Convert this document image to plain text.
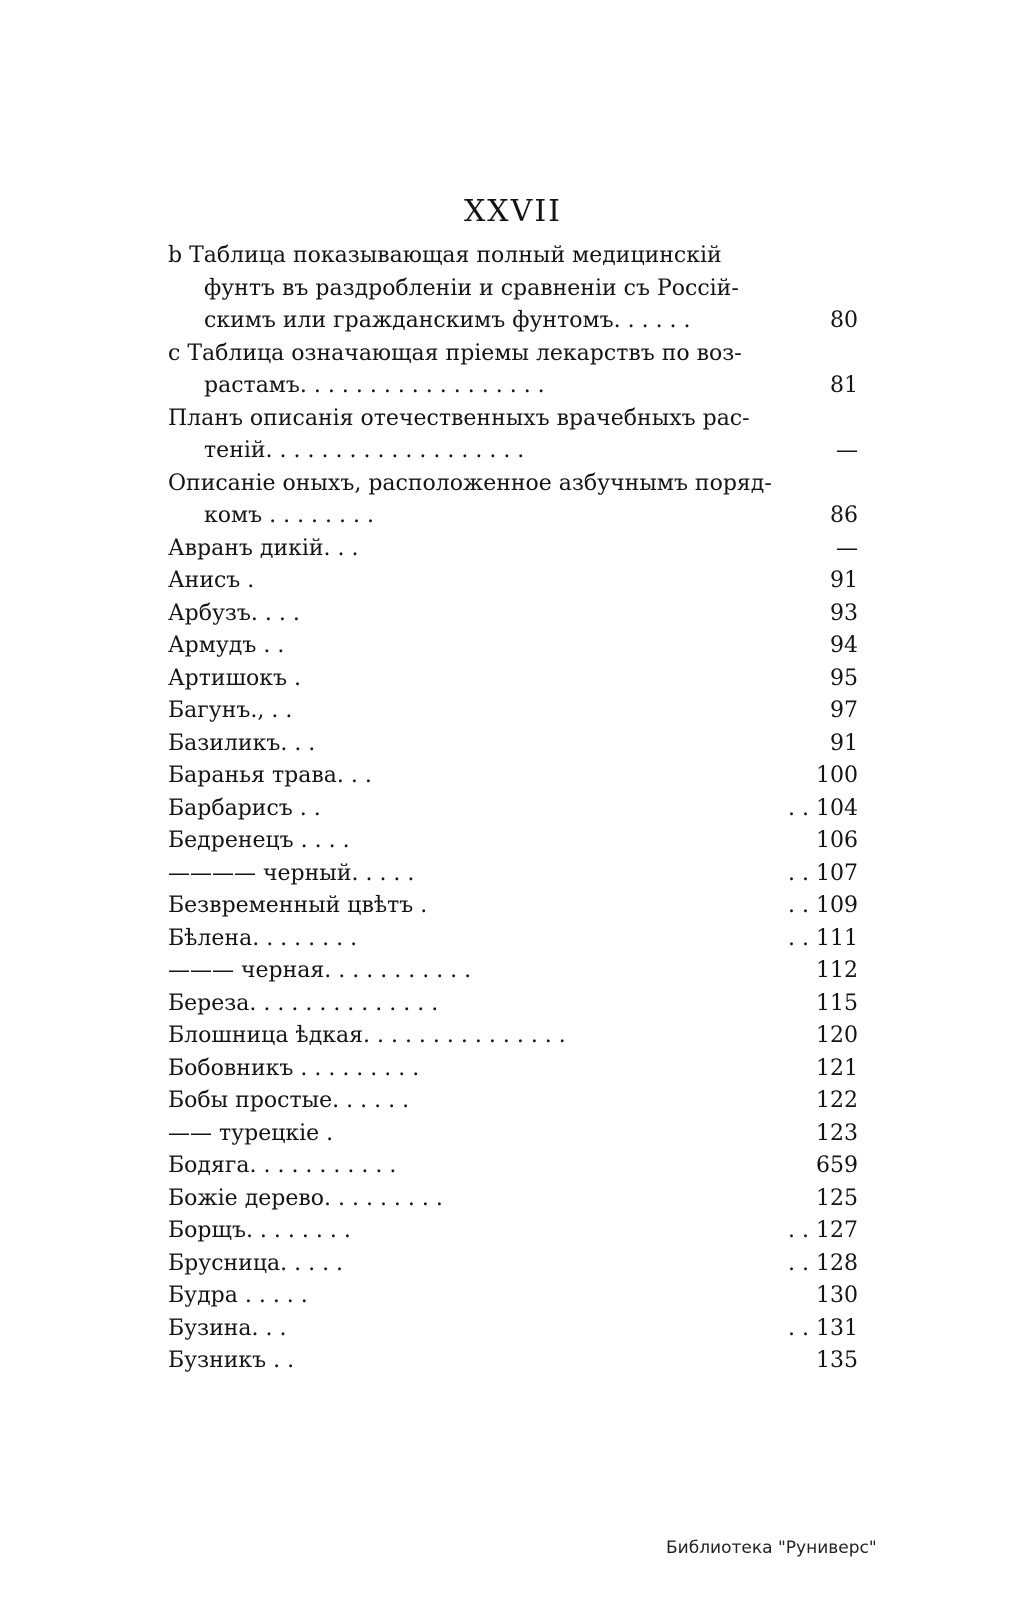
XXVII
b Таблица показывающая полный медицинскій
фунтъ въ раздробленіи и сравненіи съ Россій-
скимъ или гражданскимъ фунтомъ. . . . . .	80
c Таблица означающая пріемы лекарствъ по воз-
растамъ. . . . . . . . . . . . . . . . . .	81
Планъ описанія отечественныхъ врачебныхъ рас-
теній. . . . . . . . . . . . . . . . . . .	—
Описаніе оныхъ, расположенное азбучнымъ поряд-
комъ . . . . . . . .	86
Авранъ дикій. . .	—
Анисъ .	91
Арбузъ. . . .	93
Армудъ . .	94
Артишокъ .	95
Багунъ., . .	97
Базиликъ. . .	91
Баранья трава. . .	100
Барбарисъ . .	. . 104
Бедренецъ . . . .	106
———— черный. . . . .	. . 107
Безвременный цвѣтъ .	. . 109
Бѣлена. . . . . . . .	. . 111
——— черная. . . . . . . . . . .	112
Береза. . . . . . . . . . . . . .	115
Блошница ѣдкая. . . . . . . . . . . . . . .	120
Бобовникъ . . . . . . . . .	121
Бобы простые. . . . . .	122
—— турецкіе .	123
Бодяга. . . . . . . . . . .	659
Божіе дерево. . . . . . . . .	125
Борщъ. . . . . . . .	. . 127
Брусница. . . . .	. . 128
Будра . . . . .	130
Бузина. . .	. . 131
Бузникъ . .	135
Библиотека "Руниверс"
